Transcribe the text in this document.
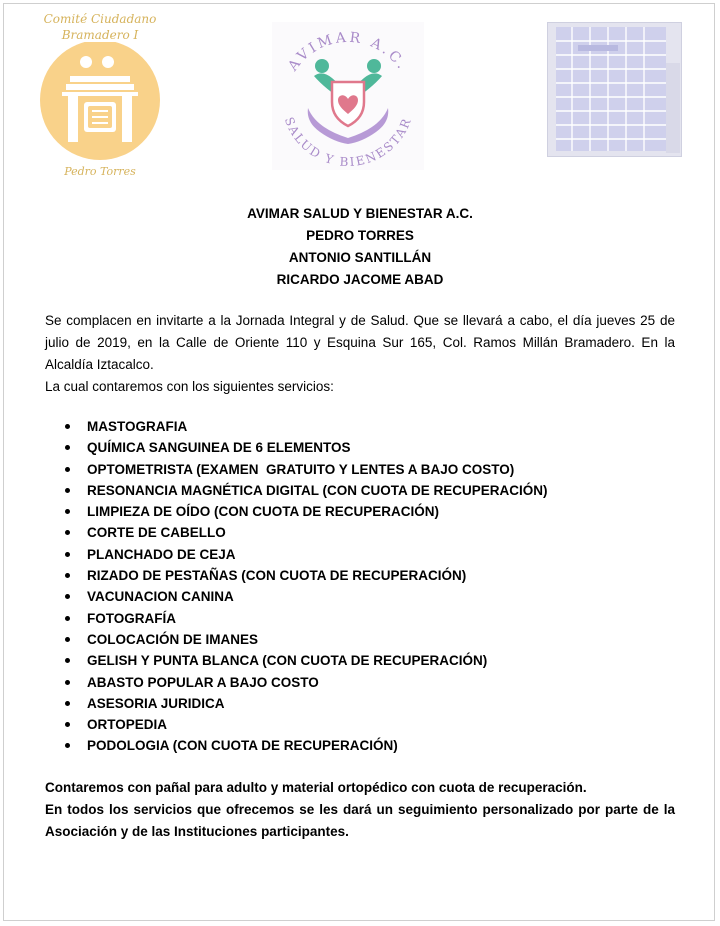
Comité Ciudadano
Bramadero I
Pedro Torres
AVIMAR A.C.
SALUD Y BIENESTAR
AVIMAR SALUD Y BIENESTAR A.C.
PEDRO TORRES
ANTONIO SANTILLÁN
RICARDO JACOME ABAD
Se complacen en invitarte a la Jornada Integral y de Salud. Que se llevará a cabo, el día jueves 25 de julio de 2019, en la Calle de Oriente 110 y Esquina Sur 165, Col. Ramos Millán Bramadero. En la Alcaldía Iztacalco.
La cual contaremos con los siguientes servicios:
MASTOGRAFIA
QUÍMICA SANGUINEA DE 6 ELEMENTOS
OPTOMETRISTA (EXAMEN  GRATUITO Y LENTES A BAJO COSTO)
RESONANCIA MAGNÉTICA DIGITAL (CON CUOTA DE RECUPERACIÓN)
LIMPIEZA DE OÍDO (CON CUOTA DE RECUPERACIÓN)
CORTE DE CABELLO
PLANCHADO DE CEJA
RIZADO DE PESTAÑAS (CON CUOTA DE RECUPERACIÓN)
VACUNACION CANINA
FOTOGRAFÍA
COLOCACIÓN DE IMANES
GELISH Y PUNTA BLANCA (CON CUOTA DE RECUPERACIÓN)
ABASTO POPULAR A BAJO COSTO
ASESORIA JURIDICA
ORTOPEDIA
PODOLOGIA (CON CUOTA DE RECUPERACIÓN)
Contaremos con pañal para adulto y material ortopédico con cuota de recuperación.
En todos los servicios que ofrecemos se les dará un seguimiento personalizado por parte de la Asociación y de las Instituciones participantes.
